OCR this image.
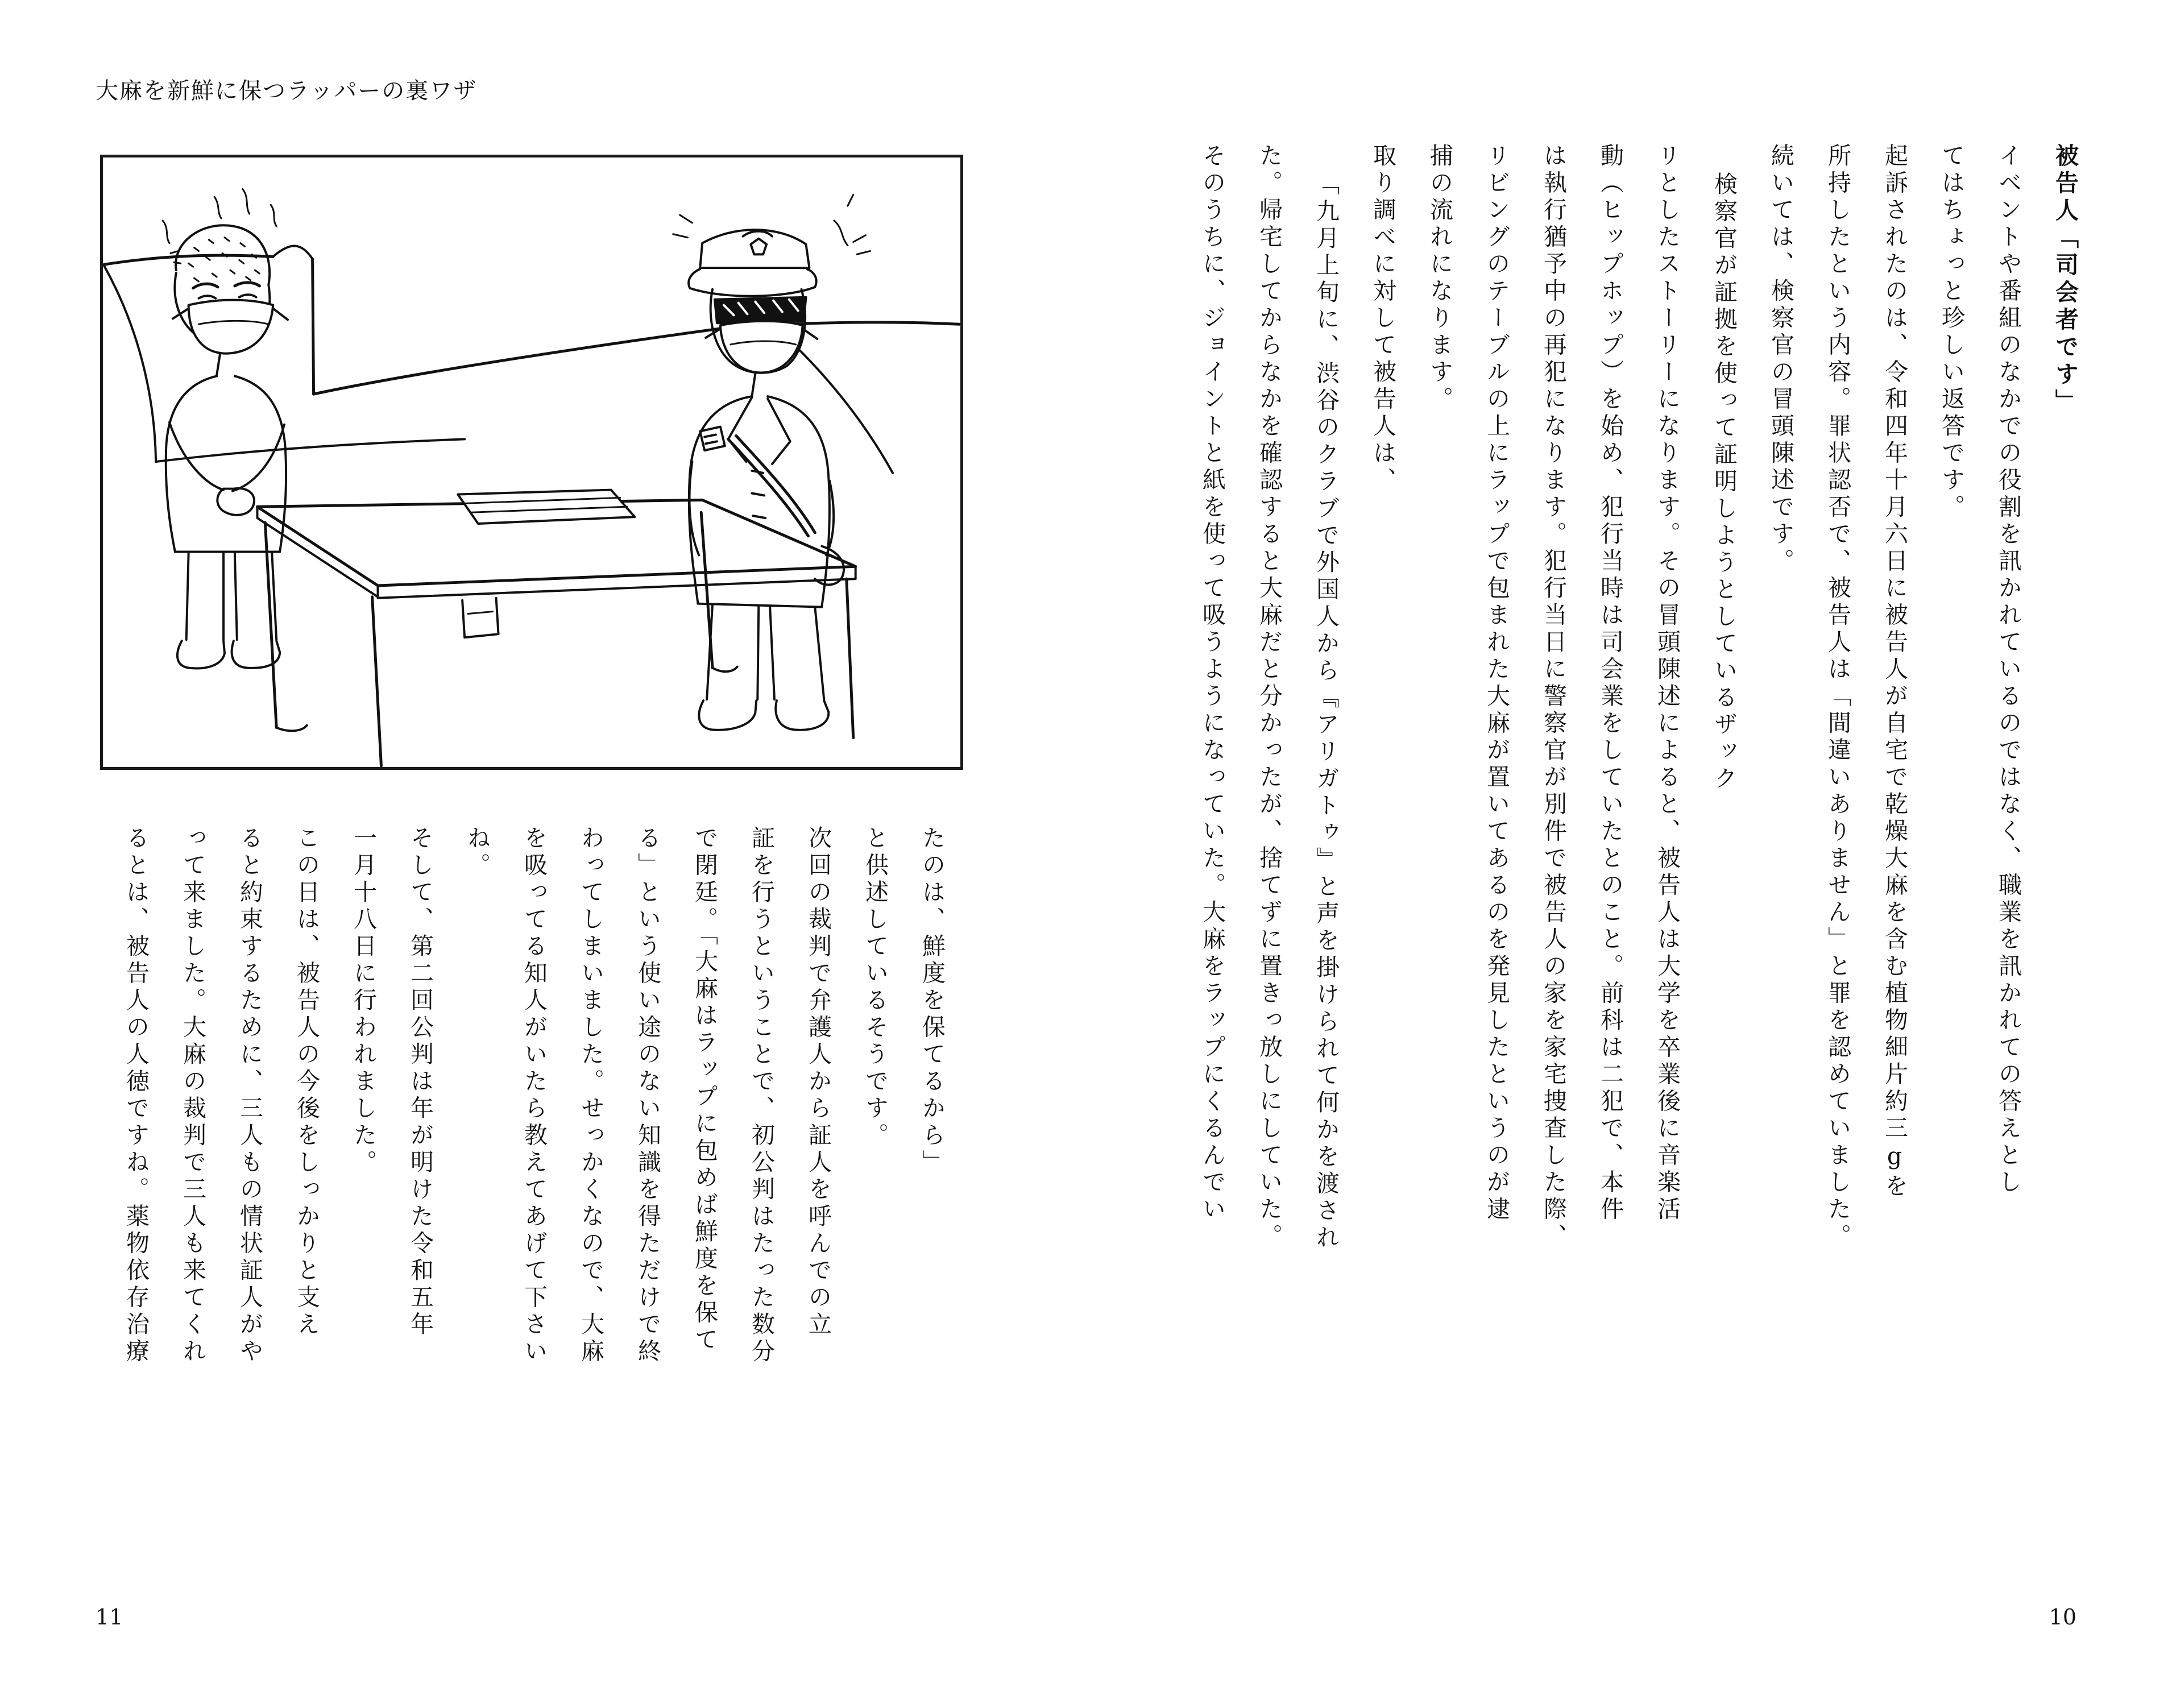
大麻を新鮮に保つラッパーの裏ワザ
被告人「司会者です」
イベントや番組のなかでの役割を訊かれているのではなく、職業を訊かれての答えとし
てはちょっと珍しい返答です。
起訴されたのは、令和四年十月六日に被告人が自宅で乾燥大麻を含む植物細片約三gを
所持したという内容。罪状認否で、被告人は「間違いありません」と罪を認めていました。
続いては、検察官の冒頭陳述です。
検察官が証拠を使って証明しようとしているザック
リとしたストーリーになります。その冒頭陳述によると、被告人は大学を卒業後に音楽活
動（ヒップホップ）を始め、犯行当時は司会業をしていたとのこと。前科は二犯で、本件
は執行猶予中の再犯になります。犯行当日に警察官が別件で被告人の家を家宅捜査した際、
リビングのテーブルの上にラップで包まれた大麻が置いてあるのを発見したというのが逮
捕の流れになります。
取り調べに対して被告人は、
「九月上旬に、渋谷のクラブで外国人から『アリガトゥ』と声を掛けられて何かを渡され
た。帰宅してからなかを確認すると大麻だと分かったが、捨てずに置きっ放しにしていた。
そのうちに、ジョイントと紙を使って吸うようになっていた。大麻をラップにくるんでい
たのは、鮮度を保てるから」
と供述しているそうです。
次回の裁判で弁護人から証人を呼んでの立
証を行うということで、初公判はたった数分
で閉廷。「大麻はラップに包めば鮮度を保て
る」という使い途のない知識を得ただけで終
わってしまいました。せっかくなので、大麻
を吸ってる知人がいたら教えてあげて下さい
ね。
そして、第二回公判は年が明けた令和五年
一月十八日に行われました。
この日は、被告人の今後をしっかりと支え
ると約束するために、三人もの情状証人がや
って来ました。大麻の裁判で三人も来てくれ
るとは、被告人の人徳ですね。薬物依存治療
11	10
